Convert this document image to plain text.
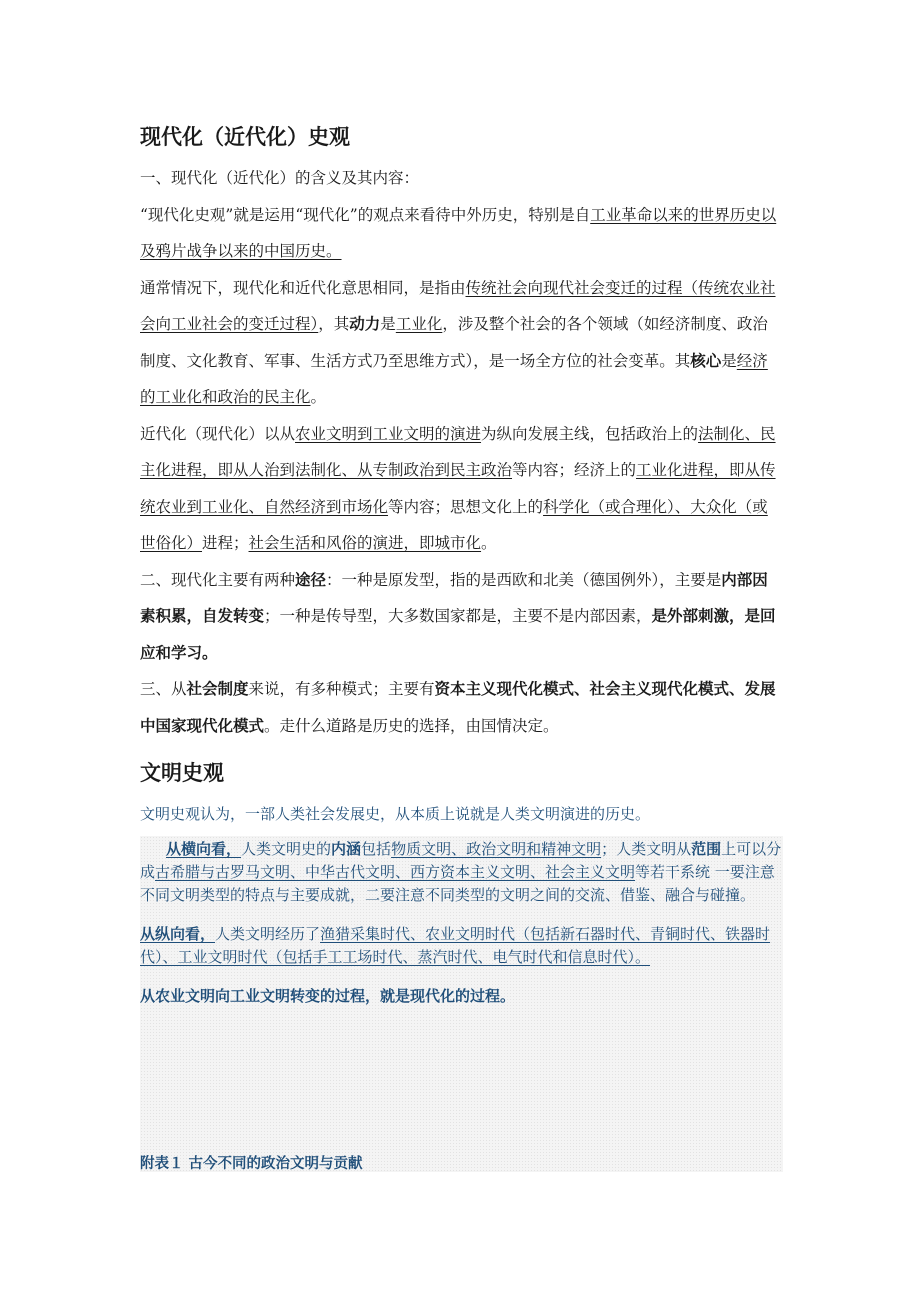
现代化（近代化）史观

一、现代化（近代化）的含义及其内容：

“现代化史观”就是运用“现代化”的观点来看待中外历史，特别是自工业革命以来的世界历史以及鸦片战争以来的中国历史。

通常情况下，现代化和近代化意思相同，是指由传统社会向现代社会变迁的过程（传统农业社会向工业社会的变迁过程），其动力是工业化，涉及整个社会的各个领域（如经济制度、政治制度、文化教育、军事、生活方式乃至思维方式），是一场全方位的社会变革。其核心是经济的工业化和政治的民主化。

近代化（现代化）以从农业文明到工业文明的演进为纵向发展主线，包括政治上的法制化、民主化进程，即从人治到法制化、从专制政治到民主政治等内容；经济上的工业化进程，即从传统农业到工业化、自然经济到市场化等内容；思想文化上的科学化（或合理化）、大众化（或世俗化）进程；社会生活和风俗的演进，即城市化。

二、现代化主要有两种途径：一种是原发型，指的是西欧和北美（德国例外），主要是内部因素积累，自发转变；一种是传导型，大多数国家都是，主要不是内部因素，是外部刺激，是回应和学习。

三、从社会制度来说，有多种模式；主要有资本主义现代化模式、社会主义现代化模式、发展中国家现代化模式。走什么道路是历史的选择，由国情决定。

文明史观

文明史观认为，一部人类社会发展史，从本质上说就是人类文明演进的历史。

从横向看，人类文明史的内涵包括物质文明、政治文明和精神文明；人类文明从范围上可以分成古希腊与古罗马文明、中华古代文明、西方资本主义文明、社会主义文明等若干系统 一要注意不同文明类型的特点与主要成就，二要注意不同类型的文明之间的交流、借鉴、融合与碰撞。

从纵向看，人类文明经历了渔猎采集时代、农业文明时代（包括新石器时代、青铜时代、铁器时代）、工业文明时代（包括手工工场时代、蒸汽时代、电气时代和信息时代）。

从农业文明向工业文明转变的过程，就是现代化的过程。

附表１ 古今不同的政治文明与贡献
